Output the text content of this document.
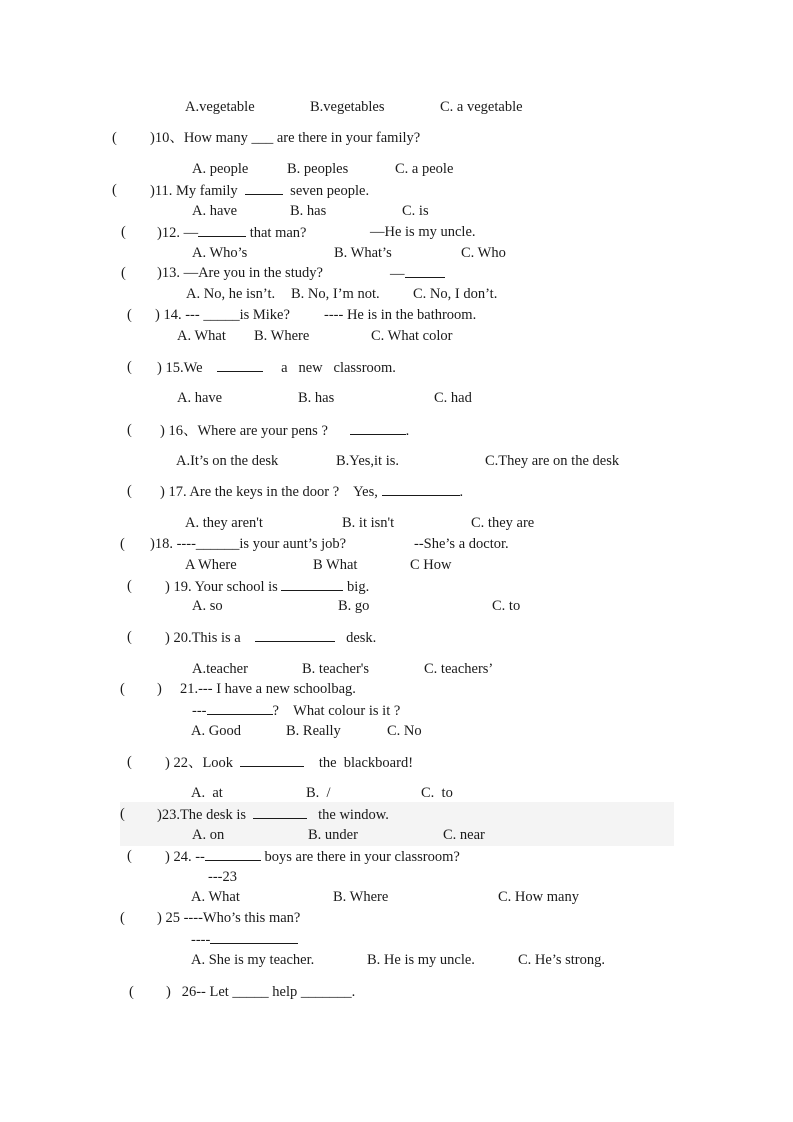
A.vegetable	B.vegetables	C. a vegetable
( )10、How many ___ are there in your family?
A. people	B. peoples	C. a peole
( )11. My family	seven people.
A. have	B. has	C. is
( )12. —	that man?	—He is my uncle.
A. Who’s	B. What’s	C. Who
( )13. —Are you in the study?	—
A. No, he isn’t. B. No, I’m not. C. No, I don’t.
( ) 14. --- _____is Mike? ---- He is in the bathroom.
A. What B. Where	C. What color
( ) 15.We	a   new   classroom.
A. have	B. has	C. had
( ) 16、Where are your pens ?	.
A.It’s on the desk	B.Yes,it is.	C.They are on the desk
( ) 17. Are the keys in the door ?    Yes,	.
A. they aren't	B. it isn't	C. they are
( )18. ----______is your aunt’s job?	--She’s a doctor.
A Where	B What	C How
( ) 19. Your school is	big.
A. so	B. go	C. to
( ) 20.This is a	desk.
A.teacher	B. teacher's	C. teachers’
( )     21.--- I have a new schoolbag.
---	?    What colour is it ?
A. Good	B. Really	C. No
( ) 22、Look	the  blackboard!
A.  at	B.  /	C.  to
( )23.The desk is	the window.
A. on	B. under	C. near
( ) 24. --	boys are there in your classroom?
---23
A. What	B. Where	C. How many
( ) 25 ----Who’s this man?
----
A. She is my teacher.	B. He is my uncle.	C. He’s strong.
( )   26-- Let _____ help _______.
